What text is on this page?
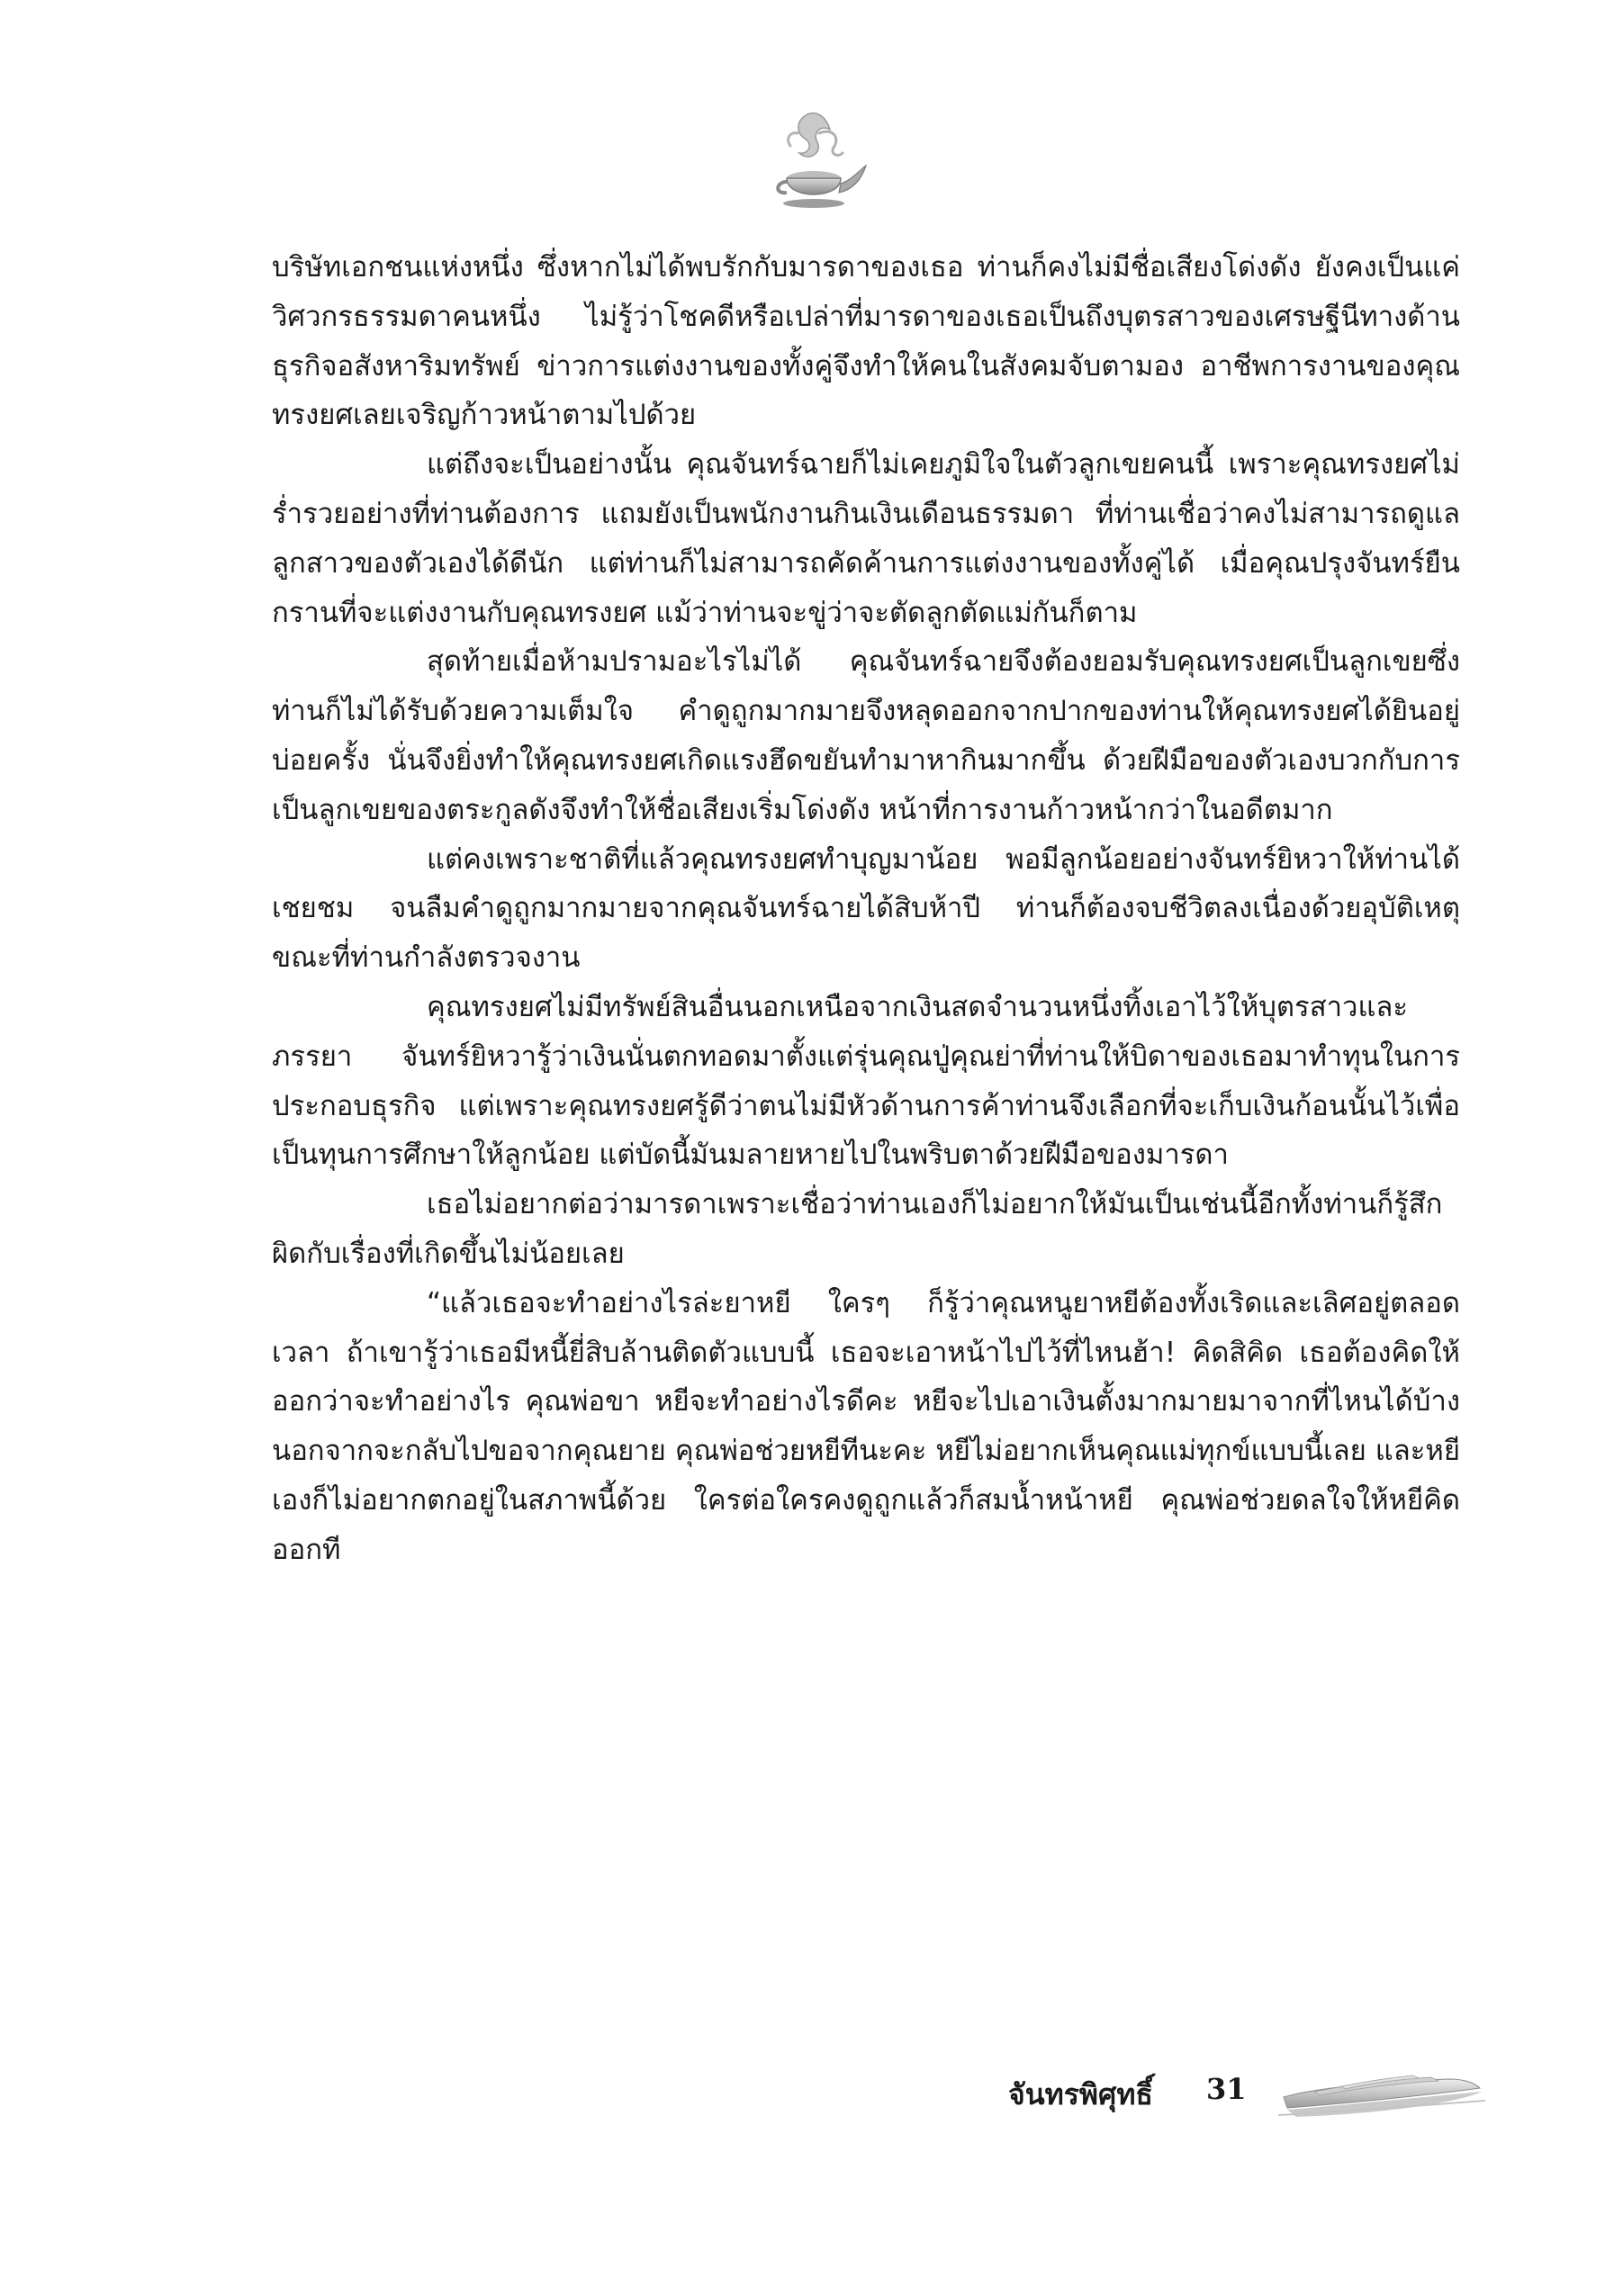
บริษัทเอกชนแห่งหนึ่ง ซึ่งหากไม่ได้พบรักกับมารดาของเธอ ท่านก็คงไม่มีชื่อเสียงโด่งดัง ยังคงเป็นแค่วิศวกรธรรมดาคนหนึ่ง ไม่รู้ว่าโชคดีหรือเปล่าที่มารดาของเธอเป็นถึงบุตรสาวของเศรษฐีนีทางด้านธุรกิจอสังหาริมทรัพย์ ข่าวการแต่งงานของทั้งคู่จึงทำให้คนในสังคมจับตามอง อาชีพการงานของคุณทรงยศเลยเจริญก้าวหน้าตามไปด้วย

แต่ถึงจะเป็นอย่างนั้น คุณจันทร์ฉายก็ไม่เคยภูมิใจในตัวลูกเขยคนนี้ เพราะคุณทรงยศไม่ร่ำรวยอย่างที่ท่านต้องการ แถมยังเป็นพนักงานกินเงินเดือนธรรมดา ที่ท่านเชื่อว่าคงไม่สามารถดูแลลูกสาวของตัวเองได้ดีนัก แต่ท่านก็ไม่สามารถคัดค้านการแต่งงานของทั้งคู่ได้ เมื่อคุณปรุงจันทร์ยืนกรานที่จะแต่งงานกับคุณทรงยศ แม้ว่าท่านจะขู่ว่าจะตัดลูกตัดแม่กันก็ตาม

สุดท้ายเมื่อห้ามปรามอะไรไม่ได้ คุณจันทร์ฉายจึงต้องยอมรับคุณทรงยศเป็นลูกเขยซึ่งท่านก็ไม่ได้รับด้วยความเต็มใจ คำดูถูกมากมายจึงหลุดออกจากปากของท่านให้คุณทรงยศได้ยินอยู่บ่อยครั้ง นั่นจึงยิ่งทำให้คุณทรงยศเกิดแรงฮึดขยันทำมาหากินมากขึ้น ด้วยฝีมือของตัวเองบวกกับการเป็นลูกเขยของตระกูลดังจึงทำให้ชื่อเสียงเริ่มโด่งดัง หน้าที่การงานก้าวหน้ากว่าในอดีตมาก

แต่คงเพราะชาติที่แล้วคุณทรงยศทำบุญมาน้อย พอมีลูกน้อยอย่างจันทร์ยิหวาให้ท่านได้เชยชม จนลืมคำดูถูกมากมายจากคุณจันทร์ฉายได้สิบห้าปี ท่านก็ต้องจบชีวิตลงเนื่องด้วยอุบัติเหตุขณะที่ท่านกำลังตรวจงาน

คุณทรงยศไม่มีทรัพย์สินอื่นนอกเหนือจากเงินสดจำนวนหนึ่งทิ้งเอาไว้ให้บุตรสาวและภรรยา จันทร์ยิหวารู้ว่าเงินนั่นตกทอดมาตั้งแต่รุ่นคุณปู่คุณย่าที่ท่านให้บิดาของเธอมาทำทุนในการประกอบธุรกิจ แต่เพราะคุณทรงยศรู้ดีว่าตนไม่มีหัวด้านการค้าท่านจึงเลือกที่จะเก็บเงินก้อนนั้นไว้เพื่อเป็นทุนการศึกษาให้ลูกน้อย แต่บัดนี้มันมลายหายไปในพริบตาด้วยฝีมือของมารดา

เธอไม่อยากต่อว่ามารดาเพราะเชื่อว่าท่านเองก็ไม่อยากให้มันเป็นเช่นนี้อีกทั้งท่านก็รู้สึกผิดกับเรื่องที่เกิดขึ้นไม่น้อยเลย

“แล้วเธอจะทำอย่างไรล่ะยาหยี ใครๆ ก็รู้ว่าคุณหนูยาหยีต้องทั้งเริดและเลิศอยู่ตลอดเวลา ถ้าเขารู้ว่าเธอมีหนี้ยี่สิบล้านติดตัวแบบนี้ เธอจะเอาหน้าไปไว้ที่ไหนฮ้า! คิดสิคิด เธอต้องคิดให้ออกว่าจะทำอย่างไร คุณพ่อขา หยีจะทำอย่างไรดีคะ หยีจะไปเอาเงินตั้งมากมายมาจากที่ไหนได้บ้างนอกจากจะกลับไปขอจากคุณยาย คุณพ่อช่วยหยีทีนะคะ หยีไม่อยากเห็นคุณแม่ทุกข์แบบนี้เลย และหยีเองก็ไม่อยากตกอยู่ในสภาพนี้ด้วย ใครต่อใครคงดูถูกแล้วก็สมน้ำหน้าหยี คุณพ่อช่วยดลใจให้หยีคิดออกที

จันทรพิศุทธิ์ 31
